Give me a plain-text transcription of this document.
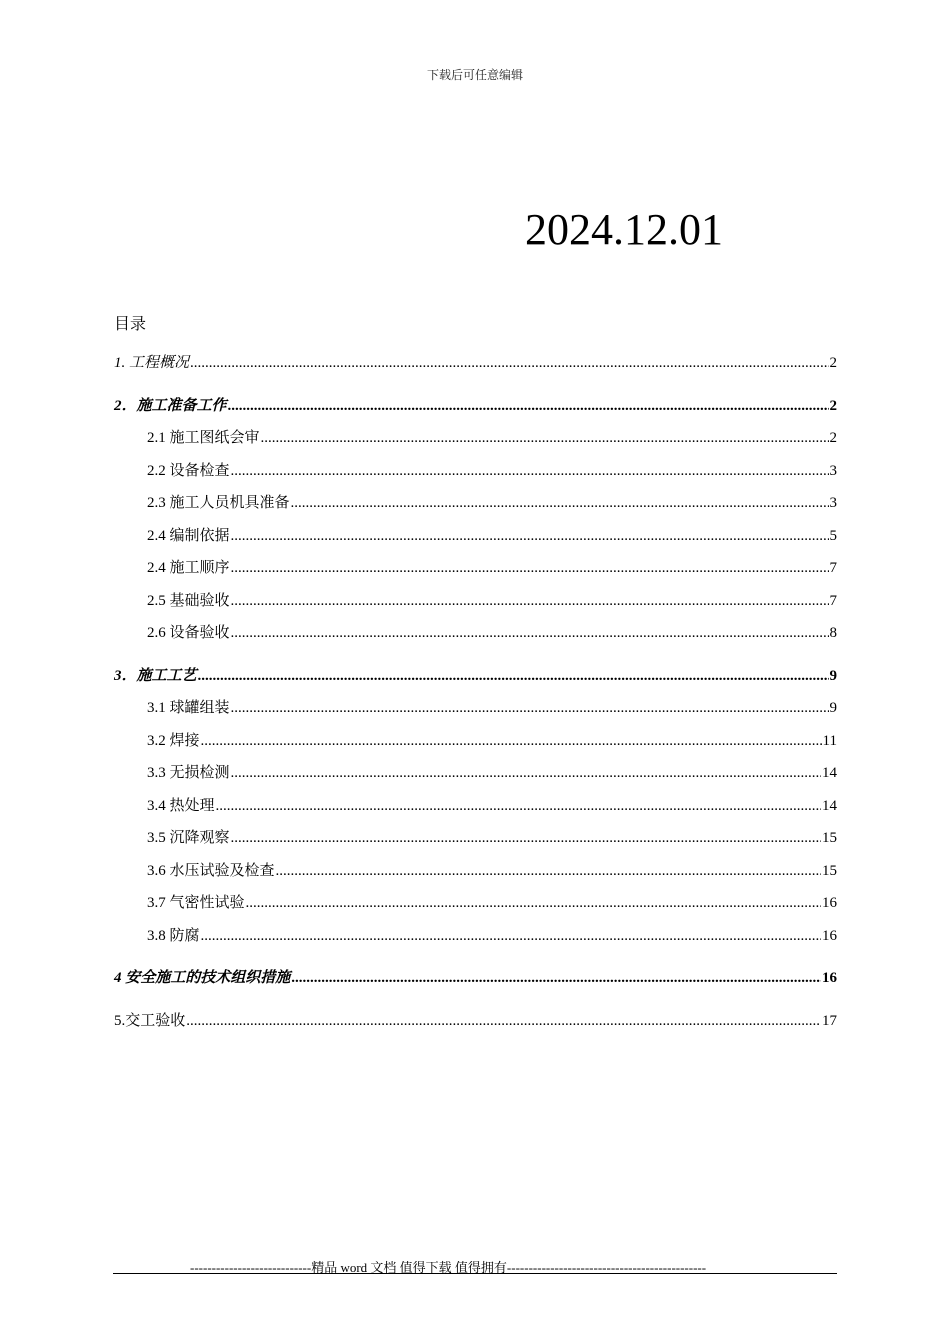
下载后可任意编辑
2024.12.01
目录
1. 工程概况 .....	2
2．施工准备工作 .....	2
2.1 施工图纸会审 .....	2
2.2 设备检查 .....	3
2.3 施工人员机具准备 .....	3
2.4 编制依据 .....	5
2.4 施工顺序 .....	7
2.5 基础验收 .....	7
2.6 设备验收 .....	8
3．施工工艺 .....	9
3.1 球罐组装 .....	9
3.2 焊接 .....	11
3.3 无损检测 .....	14
3.4 热处理 .....	14
3.5 沉降观察 .....	15
3.6 水压试验及检查 .....	15
3.7 气密性试验 .....	16
3.8 防腐 .....	16
4 安全施工的技术组织措施 .....	16
5.交工验收 .....	17
----------------------------精品 word 文档 值得下载 值得拥有----------------------------------------------
